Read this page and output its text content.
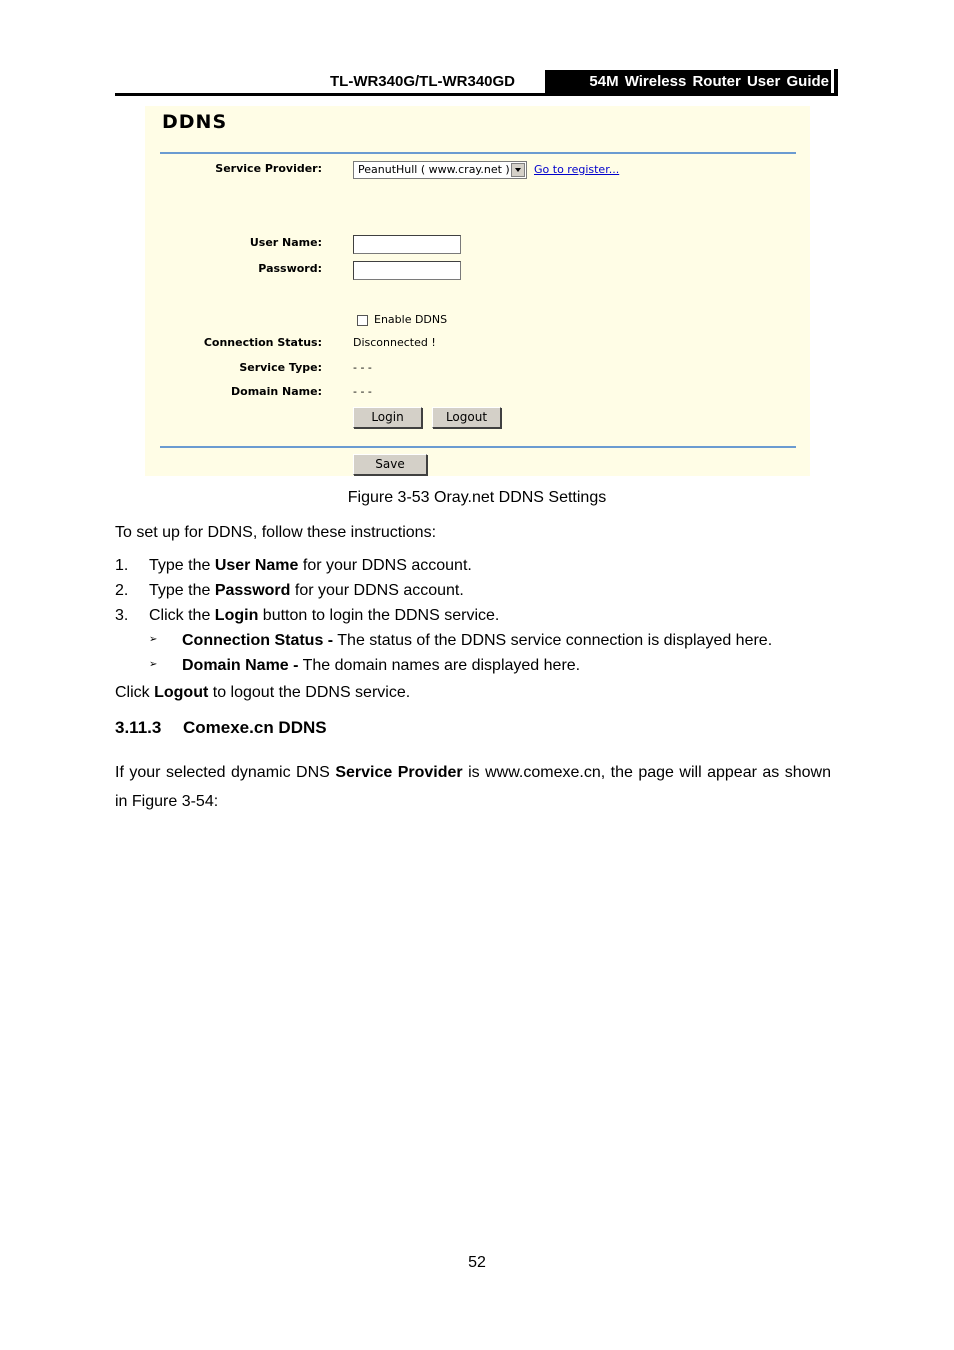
TL-WR340G/TL-WR340GD	54M Wireless Router User Guide
DDNS
Service Provider:	PeanutHull ( www.cray.net )	Go to register...
User Name:
Password:
Enable DDNS
Connection Status:	Disconnected !
Service Type:	- - -
Domain Name:	- - -
Login	Logout
Save
Figure 3-53 Oray.net DDNS Settings
To set up for DDNS, follow these instructions:
1. Type the User Name for your DDNS account.
2. Type the Password for your DDNS account.
3. Click the Login button to login the DDNS service.
➢ Connection Status - The status of the DDNS service connection is displayed here.
➢ Domain Name - The domain names are displayed here.
Click Logout to logout the DDNS service.
3.11.3 Comexe.cn DDNS
If your selected dynamic DNS Service Provider is www.comexe.cn, the page will appear as shown in Figure 3-54:
52
